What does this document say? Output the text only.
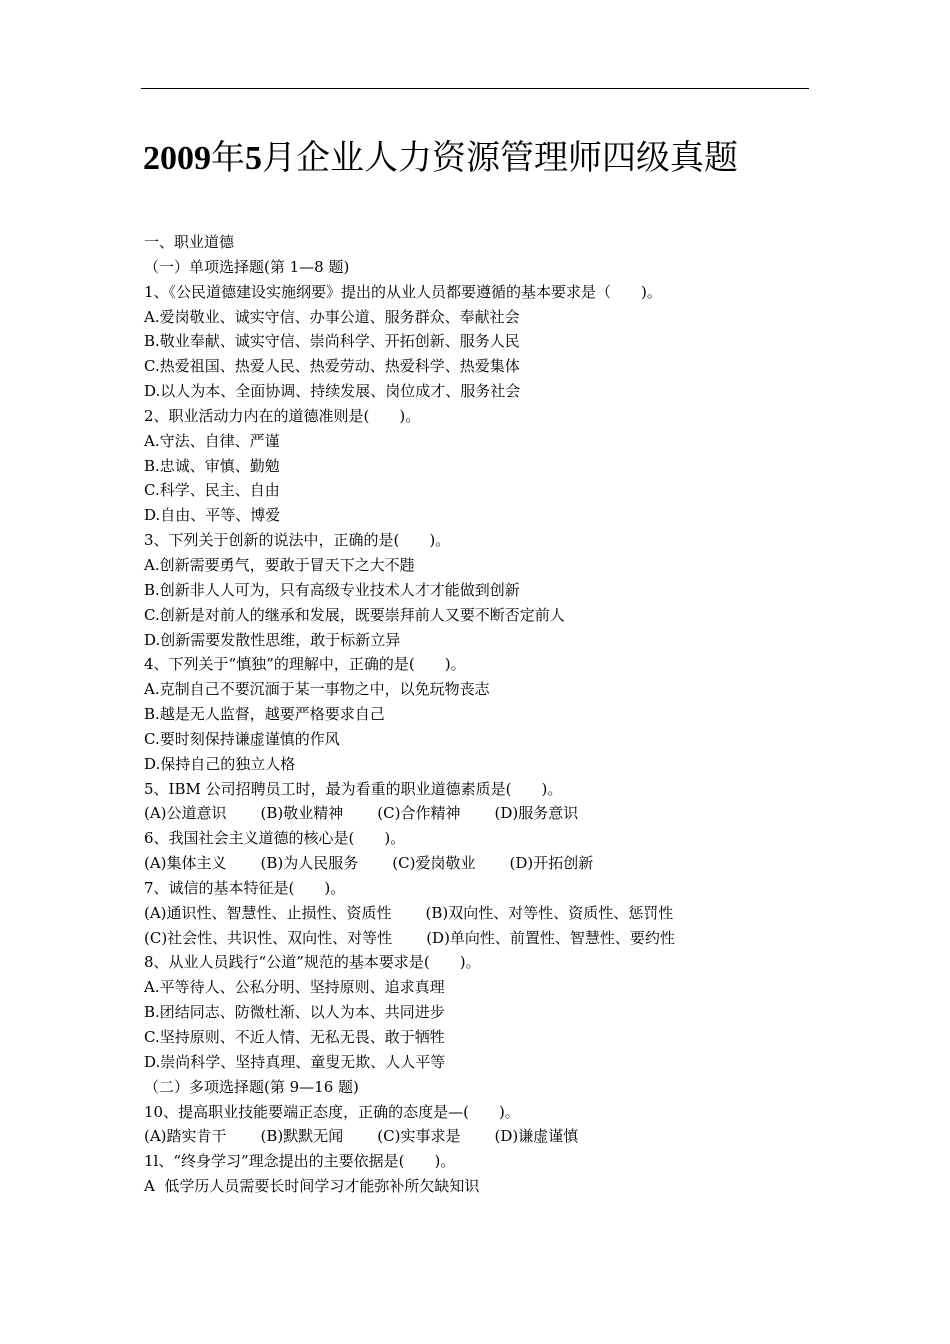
2009年5月企业人力资源管理师四级真题
一、职业道德
（一）单项选择题(第 1—8 题)
1、《公民道德建设实施纲要》提出的从业人员都要遵循的基本要求是（　　)。
A.爱岗敬业、诚实守信、办事公道、服务群众、奉献社会
B.敬业奉献、诚实守信、崇尚科学、开拓创新、服务人民
C.热爱祖国、热爱人民、热爱劳动、热爱科学、热爱集体
D.以人为本、全面协调、持续发展、岗位成才、服务社会
2、职业活动力内在的道德准则是(　　)。
A.守法、自律、严谨
B.忠诚、审慎、勤勉
C.科学、民主、自由
D.自由、平等、博爱
3、下列关于创新的说法中，正确的是(　　)。
A.创新需要勇气，要敢于冒天下之大不韪
B.创新非人人可为，只有高级专业技术人才才能做到创新
C.创新是对前人的继承和发展，既要崇拜前人又要不断否定前人
D.创新需要发散性思维，敢于标新立异
4、下列关于“慎独”的理解中，正确的是(　　)。
A.克制自己不要沉湎于某一事物之中，以免玩物丧志
B.越是无人监督，越要严格要求自己
C.要时刻保持谦虚谨慎的作风
D.保持自己的独立人格
5、IBM 公司招聘员工时，最为看重的职业道德素质是(　　)。
(A)公道意识 (B)敬业精神 (C)合作精神 (D)服务意识
6、我国社会主义道德的核心是(　　)。
(A)集体主义 (B)为人民服务 (C)爱岗敬业 (D)开拓创新
7、诚信的基本特征是(　　)。
(A)通识性、智慧性、止损性、资质性 (B)双向性、对等性、资质性、惩罚性
(C)社会性、共识性、双向性、对等性 (D)单向性、前置性、智慧性、要约性
8、从业人员践行“公道”规范的基本要求是(　　)。
A.平等待人、公私分明、坚持原则、追求真理
B.团结同志、防微杜渐、以人为本、共同进步
C.坚持原则、不近人情、无私无畏、敢于牺牲
D.崇尚科学、坚持真理、童叟无欺、人人平等
（二）多项选择题(第 9—16 题)
10、提高职业技能要端正态度，正确的态度是—(　　)。
(A)踏实肯干 (B)默默无闻 (C)实事求是 (D)谦虚谨慎
1l、“终身学习”理念提出的主要依据是(　　)。
A  低学历人员需要长时间学习才能弥补所欠缺知识
